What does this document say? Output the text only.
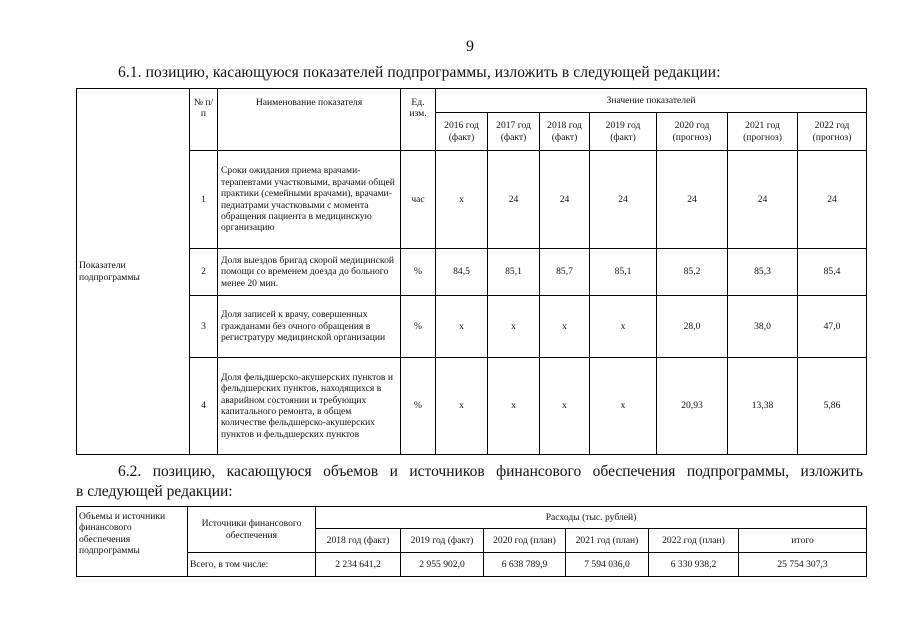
9
6.1. позицию, касающуюся показателей подпрограммы, изложить в следующей редакции:
Показатели подпрограммы	№ п/п	Наименование показателя	Ед. изм.	Значение показателей						
				2016 год (факт)	2017 год (факт)	2018 год (факт)	2019 год (факт)	2020 год (прогноз)	2021 год (прогноз)	2022 год (прогноз)
	1	Сроки ожидания приема врачами-терапевтами участковыми, врачами общей практики (семейными врачами), врачами-педиатрами участковыми с момента обращения пациента в медицинскую организацию	час	х	24	24	24	24	24	24
	2	Доля выездов бригад скорой медицинской помощи со временем доезда до больного менее 20 мин.	%	84,5	85,1	85,7	85,1	85,2	85,3	85,4
	3	Доля записей к врачу, совершенных гражданами без очного обращения в регистратуру медицинской организации	%	х	х	х	х	28,0	38,0	47,0
	4	Доля фельдшерско-акушерских пунктов и фельдшерских пунктов, находящихся в аварийном состоянии и требующих капитального ремонта, в общем количестве фельдшерско-акушерских пунктов и фельдшерских пунктов	%	х	х	х	х	20,93	13,38	5,86
6.2. позицию, касающуюся объемов и источников финансового обеспечения подпрограммы, изложить
в следующей редакции:
Объемы и источники финансового обеспечения подпрограммы	Источники финансового обеспечения	Расходы (тыс. рублей)					
		2018 год (факт)	2019 год (факт)	2020 год (план)	2021 год (план)	2022 год (план)	итого
	Всего, в том числе:	2 234 641,2	2 955 902,0	6 638 789,9	7 594 036,0	6 330 938,2	25 754 307,3
